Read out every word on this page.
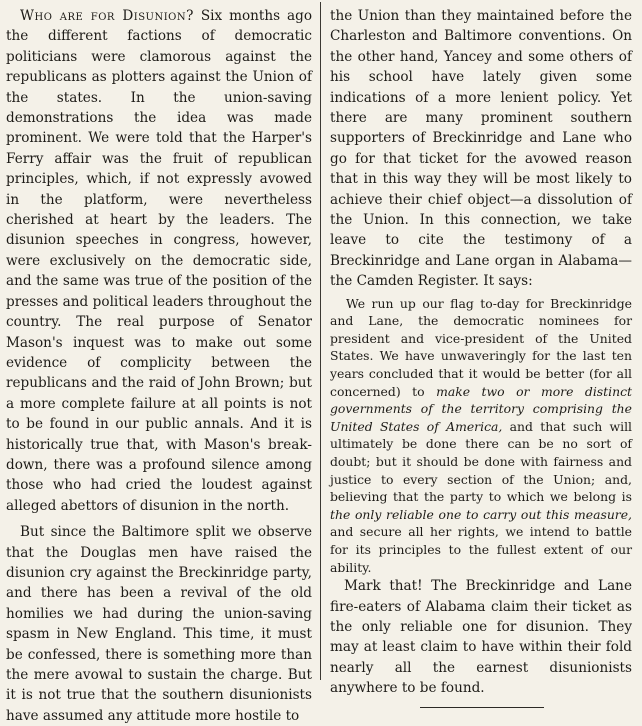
Who are for Disunion? Six months ago the different factions of democratic politicians were clamorous against the republicans as plotters against the Union of the states. In the union-saving demonstrations the idea was made prominent. We were told that the Harper's Ferry affair was the fruit of republican principles, which, if not expressly avowed in the platform, were nevertheless cherished at heart by the leaders. The disunion speeches in congress, however, were exclusively on the democratic side, and the same was true of the position of the presses and political leaders throughout the country. The real purpose of Senator Mason's inquest was to make out some evidence of complicity between the republicans and the raid of John Brown; but a more complete failure at all points is not to be found in our public annals. And it is historically true that, with Mason's break-down, there was a profound silence among those who had cried the loudest against alleged abettors of disunion in the north.

But since the Baltimore split we observe that the Douglas men have raised the disunion cry against the Breckinridge party, and there has been a revival of the old homilies we had during the union-saving spasm in New England. This time, it must be confessed, there is something more than the mere avowal to sustain the charge. But it is not true that the southern disunionists have assumed any attitude more hostile to

the Union than they maintained before the Charleston and Baltimore conventions. On the other hand, Yancey and some others of his school have lately given some indications of a more lenient policy. Yet there are many prominent southern supporters of Breckinridge and Lane who go for that ticket for the avowed reason that in this way they will be most likely to achieve their chief object—a dissolution of the Union. In this connection, we take leave to cite the testimony of a Breckinridge and Lane organ in Alabama—the Camden Register. It says:

We run up our flag to-day for Breckinridge and Lane, the democratic nominees for president and vice-president of the United States. We have unwaveringly for the last ten years concluded that it would be better (for all concerned) to make two or more distinct governments of the territory comprising the United States of America, and that such will ultimately be done there can be no sort of doubt; but it should be done with fairness and justice to every section of the Union; and, believing that the party to which we belong is the only reliable one to carry out this measure, and secure all her rights, we intend to battle for its principles to the fullest extent of our ability.

Mark that! The Breckinridge and Lane fire-eaters of Alabama claim their ticket as the only reliable one for disunion. They may at least claim to have within their fold nearly all the earnest disunionists anywhere to be found.
